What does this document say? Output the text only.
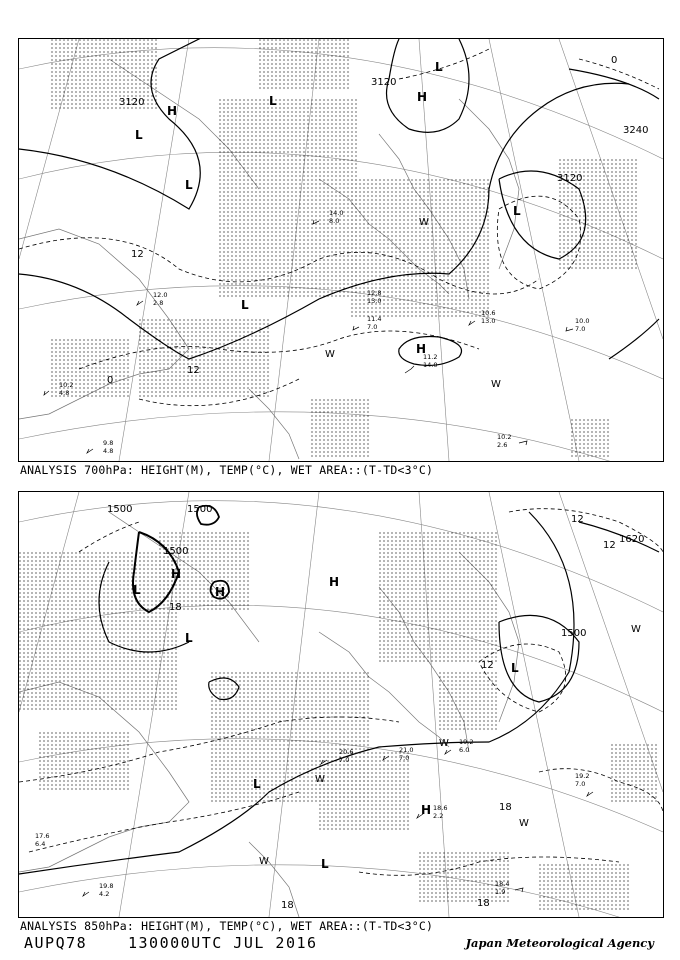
3120
3120
3120
3240
12
12
0
0
H
H
H
L
L
L
L
L
L
W
W
W
11.2
14.0
10.6
13.0	10.0
7.0
11.4
7.0
12.8
13.0
10.2
2.6
12.0
2.8
10.2
4.8
9.8
4.8
14.0
8.0
ANALYSIS 700hPa: HEIGHT(M), TEMP(°C), WET AREA::(T-TD<3°C)
1500	1500
1500
1500
1620
12
12
12
18
18
18	18
H
H
H
H
L
L
L
L
L
W
W
W
W
W
18.6
2.2
19.2
6.0
19.2
7.0
21.0
7.0
20.6
7.0
18.4
1.9
19.8
4.2
17.6
6.4
ANALYSIS 850hPa: HEIGHT(M), TEMP(°C), WET AREA::(T-TD<3°C)
AUPQ78	130000UTC JUL 2016	Japan Meteorological Agency
